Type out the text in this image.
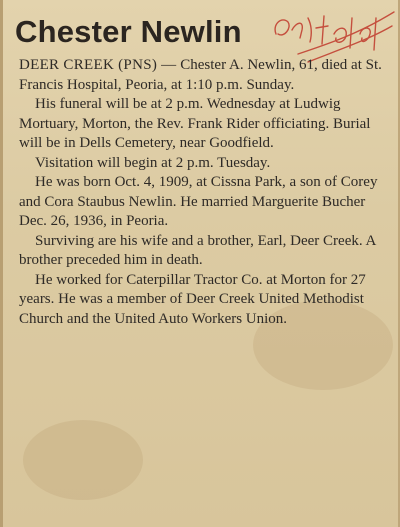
Chester Newlin

DEER CREEK (PNS) — Chester A. Newlin, 61, died at St. Francis Hospital, Peoria, at 1:10 p.m. Sunday.

His funeral will be at 2 p.m. Wednesday at Ludwig Mortuary, Morton, the Rev. Frank Rider officiating. Burial will be in Dells Cemetery, near Goodfield.

Visitation will begin at 2 p.m. Tuesday.

He was born Oct. 4, 1909, at Cissna Park, a son of Corey and Cora Staubus Newlin. He married Marguerite Bucher Dec. 26, 1936, in Peoria.

Surviving are his wife and a brother, Earl, Deer Creek. A brother preceded him in death.

He worked for Caterpillar Tractor Co. at Morton for 27 years. He was a member of Deer Creek United Methodist Church and the United Auto Workers Union.
